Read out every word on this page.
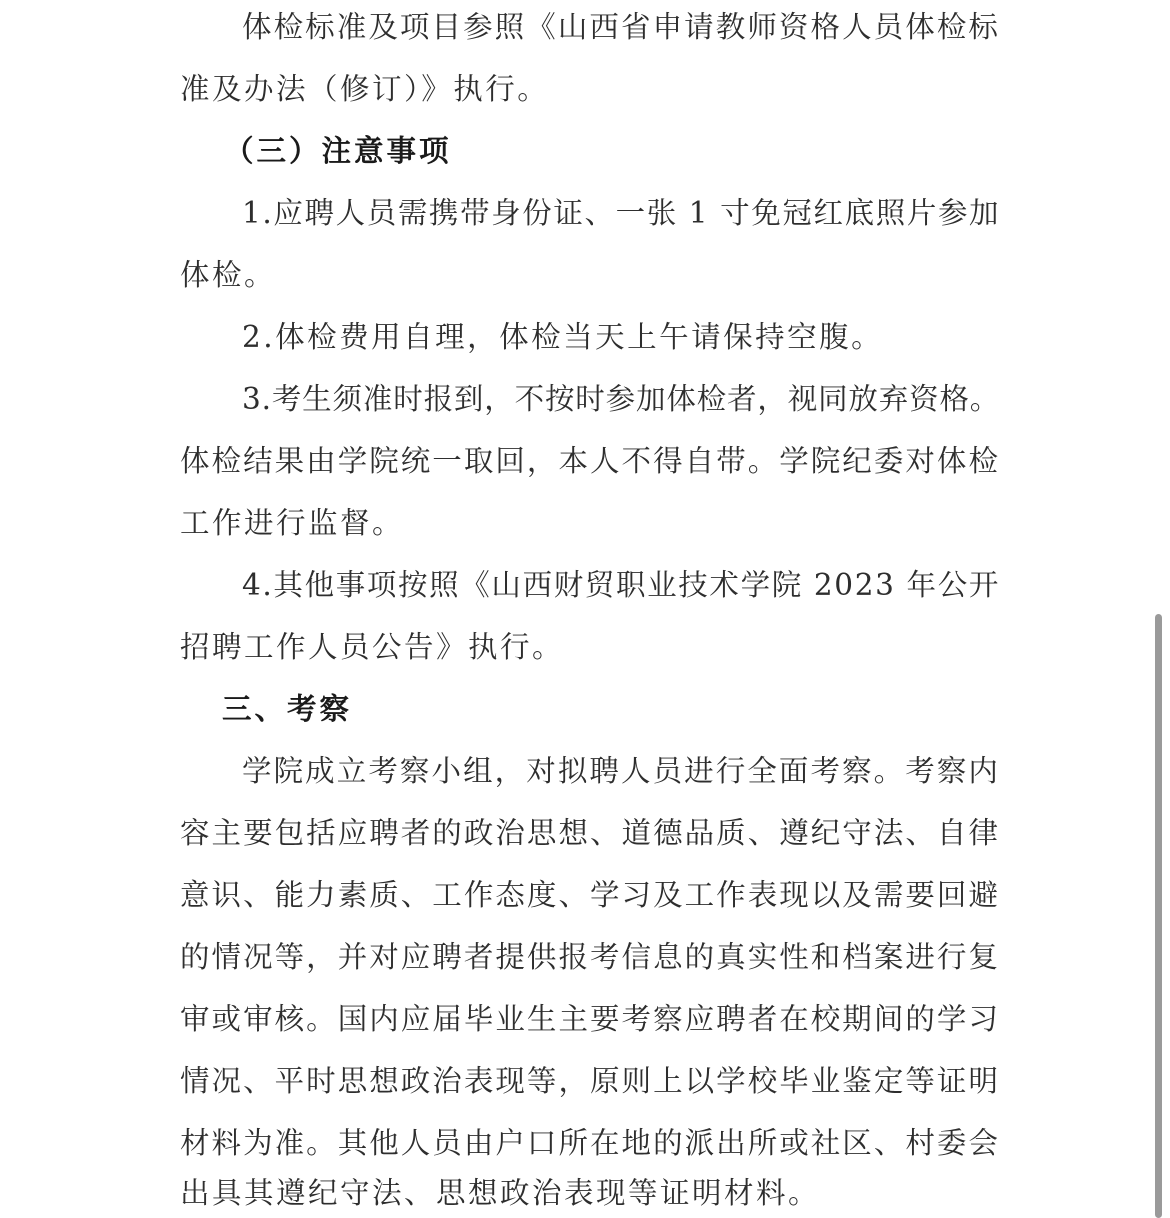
体检标准及项目参照《山西省申请教师资格人员体检标
准及办法（修订）》执行。
（三）注意事项
1.应聘人员需携带身份证、一张 1 寸免冠红底照片参加
体检。
2.体检费用自理，体检当天上午请保持空腹。
3.考生须准时报到，不按时参加体检者，视同放弃资格。
体检结果由学院统一取回，本人不得自带。学院纪委对体检
工作进行监督。
4.其他事项按照《山西财贸职业技术学院 2023 年公开
招聘工作人员公告》执行。
三、考察
学院成立考察小组，对拟聘人员进行全面考察。考察内
容主要包括应聘者的政治思想、道德品质、遵纪守法、自律
意识、能力素质、工作态度、学习及工作表现以及需要回避
的情况等，并对应聘者提供报考信息的真实性和档案进行复
审或审核。国内应届毕业生主要考察应聘者在校期间的学习
情况、平时思想政治表现等，原则上以学校毕业鉴定等证明
材料为准。其他人员由户口所在地的派出所或社区、村委会
出具其遵纪守法、思想政治表现等证明材料。
